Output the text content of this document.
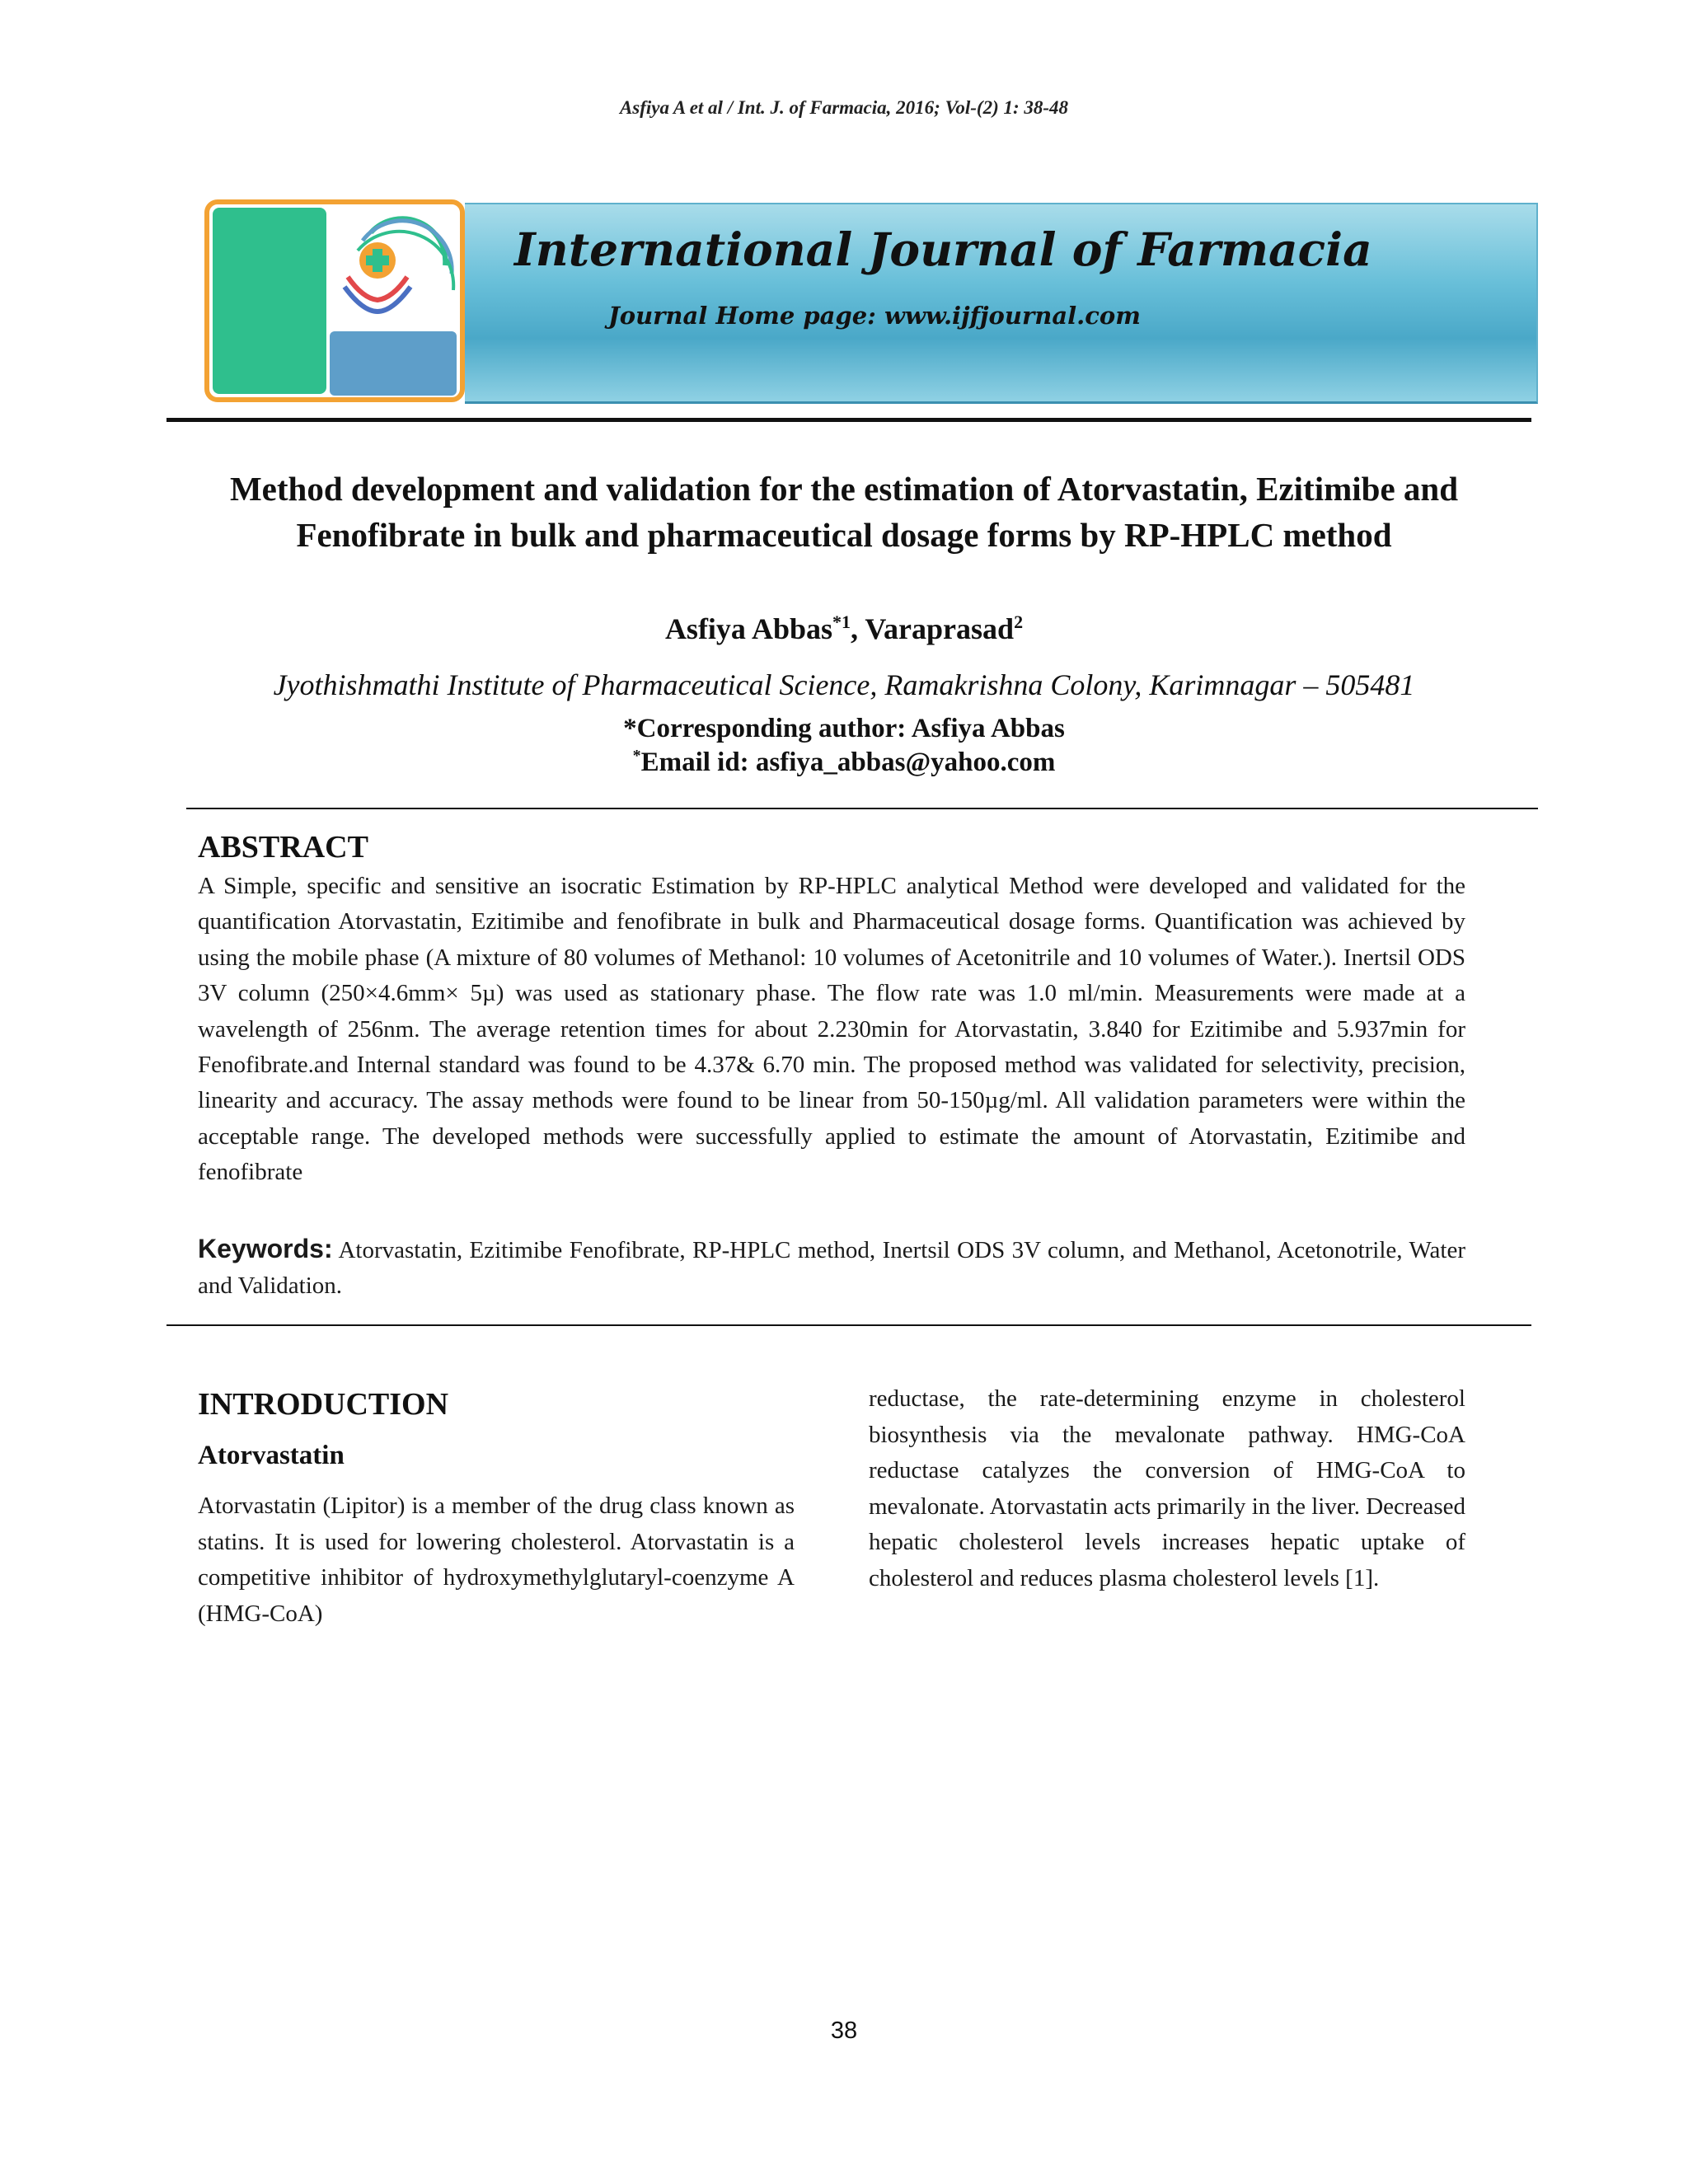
Asfiya A et al / Int. J. of Farmacia, 2016; Vol-(2) 1: 38-48
International Journal of Farmacia
Journal Home page: www.ijfjournal.com
Method development and validation for the estimation of Atorvastatin, Ezitimibe and Fenofibrate in bulk and pharmaceutical dosage forms by RP-HPLC method
Asfiya Abbas$^{*1}$, Varaprasad$^2$
Jyothishmathi Institute of Pharmaceutical Science, Ramakrishna Colony, Karimnagar – 505481
*Corresponding author: Asfiya Abbas
*Email id: asfiya_abbas@yahoo.com
ABSTRACT
A Simple, specific and sensitive an isocratic Estimation by RP-HPLC analytical Method were developed and validated for the quantification Atorvastatin, Ezitimibe and fenofibrate in bulk and Pharmaceutical dosage forms. Quantification was achieved by using the mobile phase (A mixture of 80 volumes of Methanol: 10 volumes of Acetonitrile and 10 volumes of Water.). Inertsil ODS 3V column (250×4.6mm× 5µ) was used as stationary phase. The flow rate was 1.0 ml/min. Measurements were made at a wavelength of 256nm. The average retention times for about 2.230min for Atorvastatin, 3.840 for Ezitimibe and 5.937min for Fenofibrate.and Internal standard was found to be 4.37& 6.70 min. The proposed method was validated for selectivity, precision, linearity and accuracy. The assay methods were found to be linear from 50-150µg/ml. All validation parameters were within the acceptable range. The developed methods were successfully applied to estimate the amount of Atorvastatin, Ezitimibe and fenofibrate
Keywords: Atorvastatin, Ezitimibe Fenofibrate, RP-HPLC method, Inertsil ODS 3V column, and Methanol, Acetonotrile, Water and Validation.
INTRODUCTION
Atorvastatin
Atorvastatin (Lipitor) is a member of the drug class known as statins. It is used for lowering cholesterol. Atorvastatin is a competitive inhibitor of hydroxymethylglutaryl-coenzyme A (HMG-CoA)
reductase, the rate-determining enzyme in cholesterol biosynthesis via the mevalonate pathway. HMG-CoA reductase catalyzes the conversion of HMG-CoA to mevalonate. Atorvastatin acts primarily in the liver. Decreased hepatic cholesterol levels increases hepatic uptake of cholesterol and reduces plasma cholesterol levels [1].
38
